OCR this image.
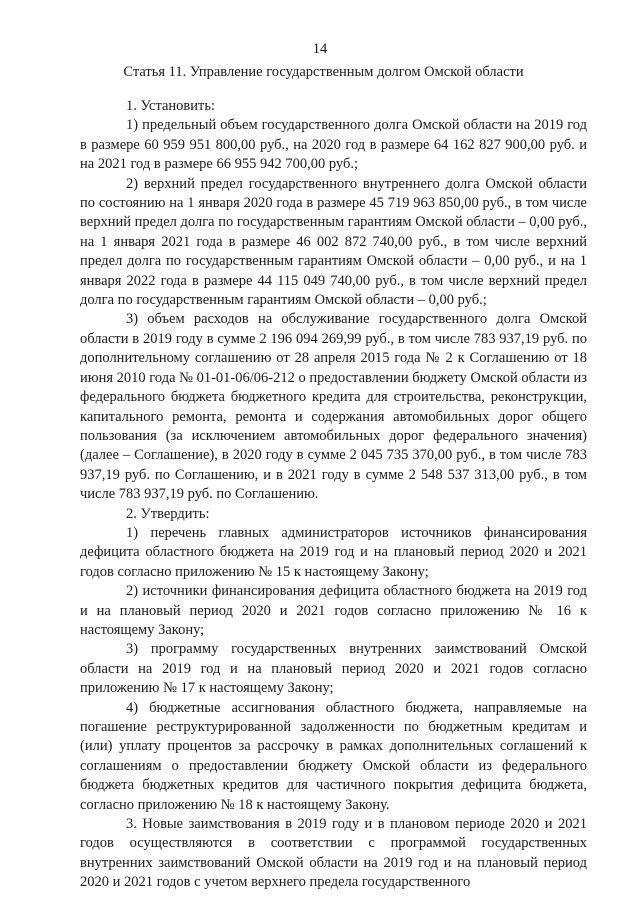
14
Статья 11. Управление государственным долгом Омской области

1. Установить:

1) предельный объем государственного долга Омской области на 2019 год в размере 60 959 951 800,00 руб., на 2020 год в размере 64 162 827 900,00 руб. и на 2021 год в размере 66 955 942 700,00 руб.;

2) верхний предел государственного внутреннего долга Омской области по состоянию на 1 января 2020 года в размере 45 719 963 850,00 руб., в том числе верхний предел долга по государственным гарантиям Омской области – 0,00 руб., на 1 января 2021 года в размере 46 002 872 740,00 руб., в том числе верхний предел долга по государственным гарантиям Омской области – 0,00 руб., и на 1 января 2022 года в размере 44 115 049 740,00 руб., в том числе верхний предел долга по государственным гарантиям Омской области – 0,00 руб.;

3) объем расходов на обслуживание государственного долга Омской области в 2019 году в сумме 2 196 094 269,99 руб., в том числе 783 937,19 руб. по дополнительному соглашению от 28 апреля 2015 года № 2 к Соглашению от 18 июня 2010 года № 01-01-06/06-212 о предоставлении бюджету Омской области из федерального бюджета бюджетного кредита для строительства, реконструкции, капитального ремонта, ремонта и содержания автомобильных дорог общего пользования (за исключением автомобильных дорог федерального значения) (далее – Соглашение), в 2020 году в сумме 2 045 735 370,00 руб., в том числе 783 937,19 руб. по Соглашению, и в 2021 году в сумме 2 548 537 313,00 руб., в том числе 783 937,19 руб. по Соглашению.

2. Утвердить:

1) перечень главных администраторов источников финансирования дефицита областного бюджета на 2019 год и на плановый период 2020 и 2021 годов согласно приложению № 15 к настоящему Закону;

2) источники финансирования дефицита областного бюджета на 2019 год и на плановый период 2020 и 2021 годов согласно приложению № 16 к настоящему Закону;

3) программу государственных внутренних заимствований Омской области на 2019 год и на плановый период 2020 и 2021 годов согласно приложению № 17 к настоящему Закону;

4) бюджетные ассигнования областного бюджета, направляемые на погашение реструктурированной задолженности по бюджетным кредитам и (или) уплату процентов за рассрочку в рамках дополнительных соглашений к соглашениям о предоставлении бюджету Омской области из федерального бюджета бюджетных кредитов для частичного покрытия дефицита бюджета, согласно приложению № 18 к настоящему Закону.

3. Новые заимствования в 2019 году и в плановом периоде 2020 и 2021 годов осуществляются в соответствии с программой государственных внутренних заимствований Омской области на 2019 год и на плановый период 2020 и 2021 годов с учетом верхнего предела государственного
